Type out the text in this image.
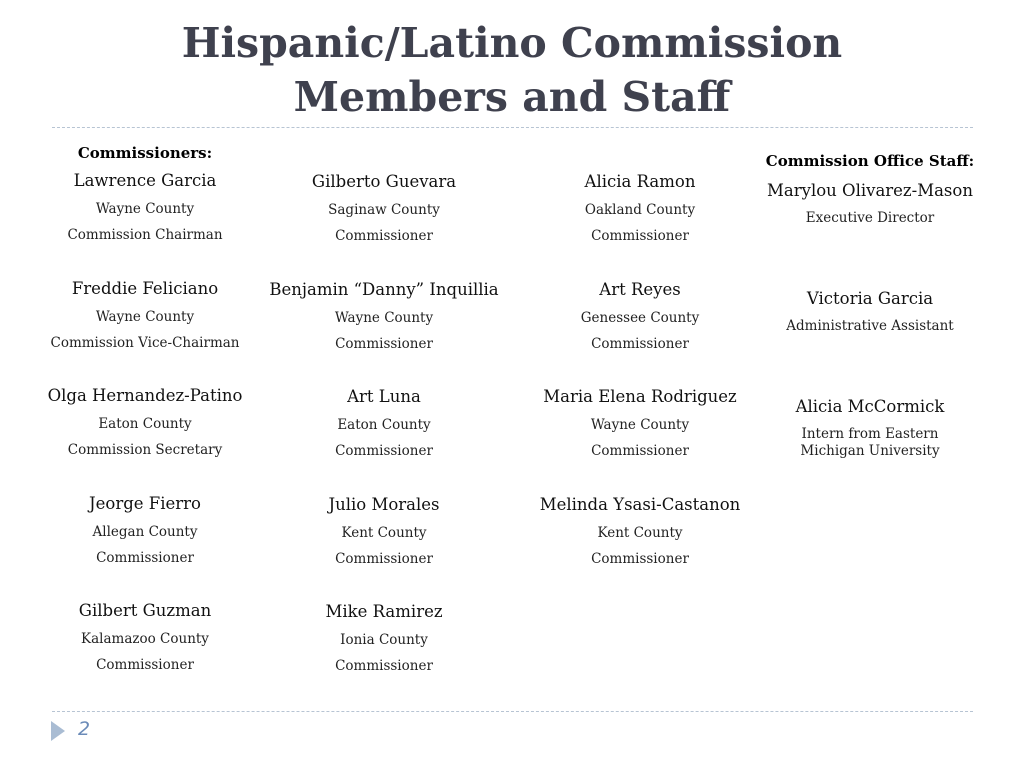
Hispanic/Latino Commission
Members and Staff

Commissioners:

Lawrence Garcia
Wayne County
Commission Chairman
Freddie Feliciano
Wayne County
Commission Vice-Chairman
Olga Hernandez-Patino
Eaton County
Commission Secretary
Jeorge Fierro
Allegan County
Commissioner
Gilbert Guzman
Kalamazoo County
Commissioner
Gilberto Guevara
Saginaw County
Commissioner
Benjamin “Danny” Inquillia
Wayne County
Commissioner
Art Luna
Eaton County
Commissioner
Julio Morales
Kent County
Commissioner
Mike Ramirez
Ionia County
Commissioner
Alicia Ramon
Oakland County
Commissioner
Art Reyes
Genessee County
Commissioner
Maria Elena Rodriguez
Wayne County
Commissioner
Melinda Ysasi-Castanon
Kent County
Commissioner

Commission Office Staff:

Marylou Olivarez-Mason
Executive Director
Victoria Garcia
Administrative Assistant
Alicia McCormick
Intern from Eastern Michigan University
2
